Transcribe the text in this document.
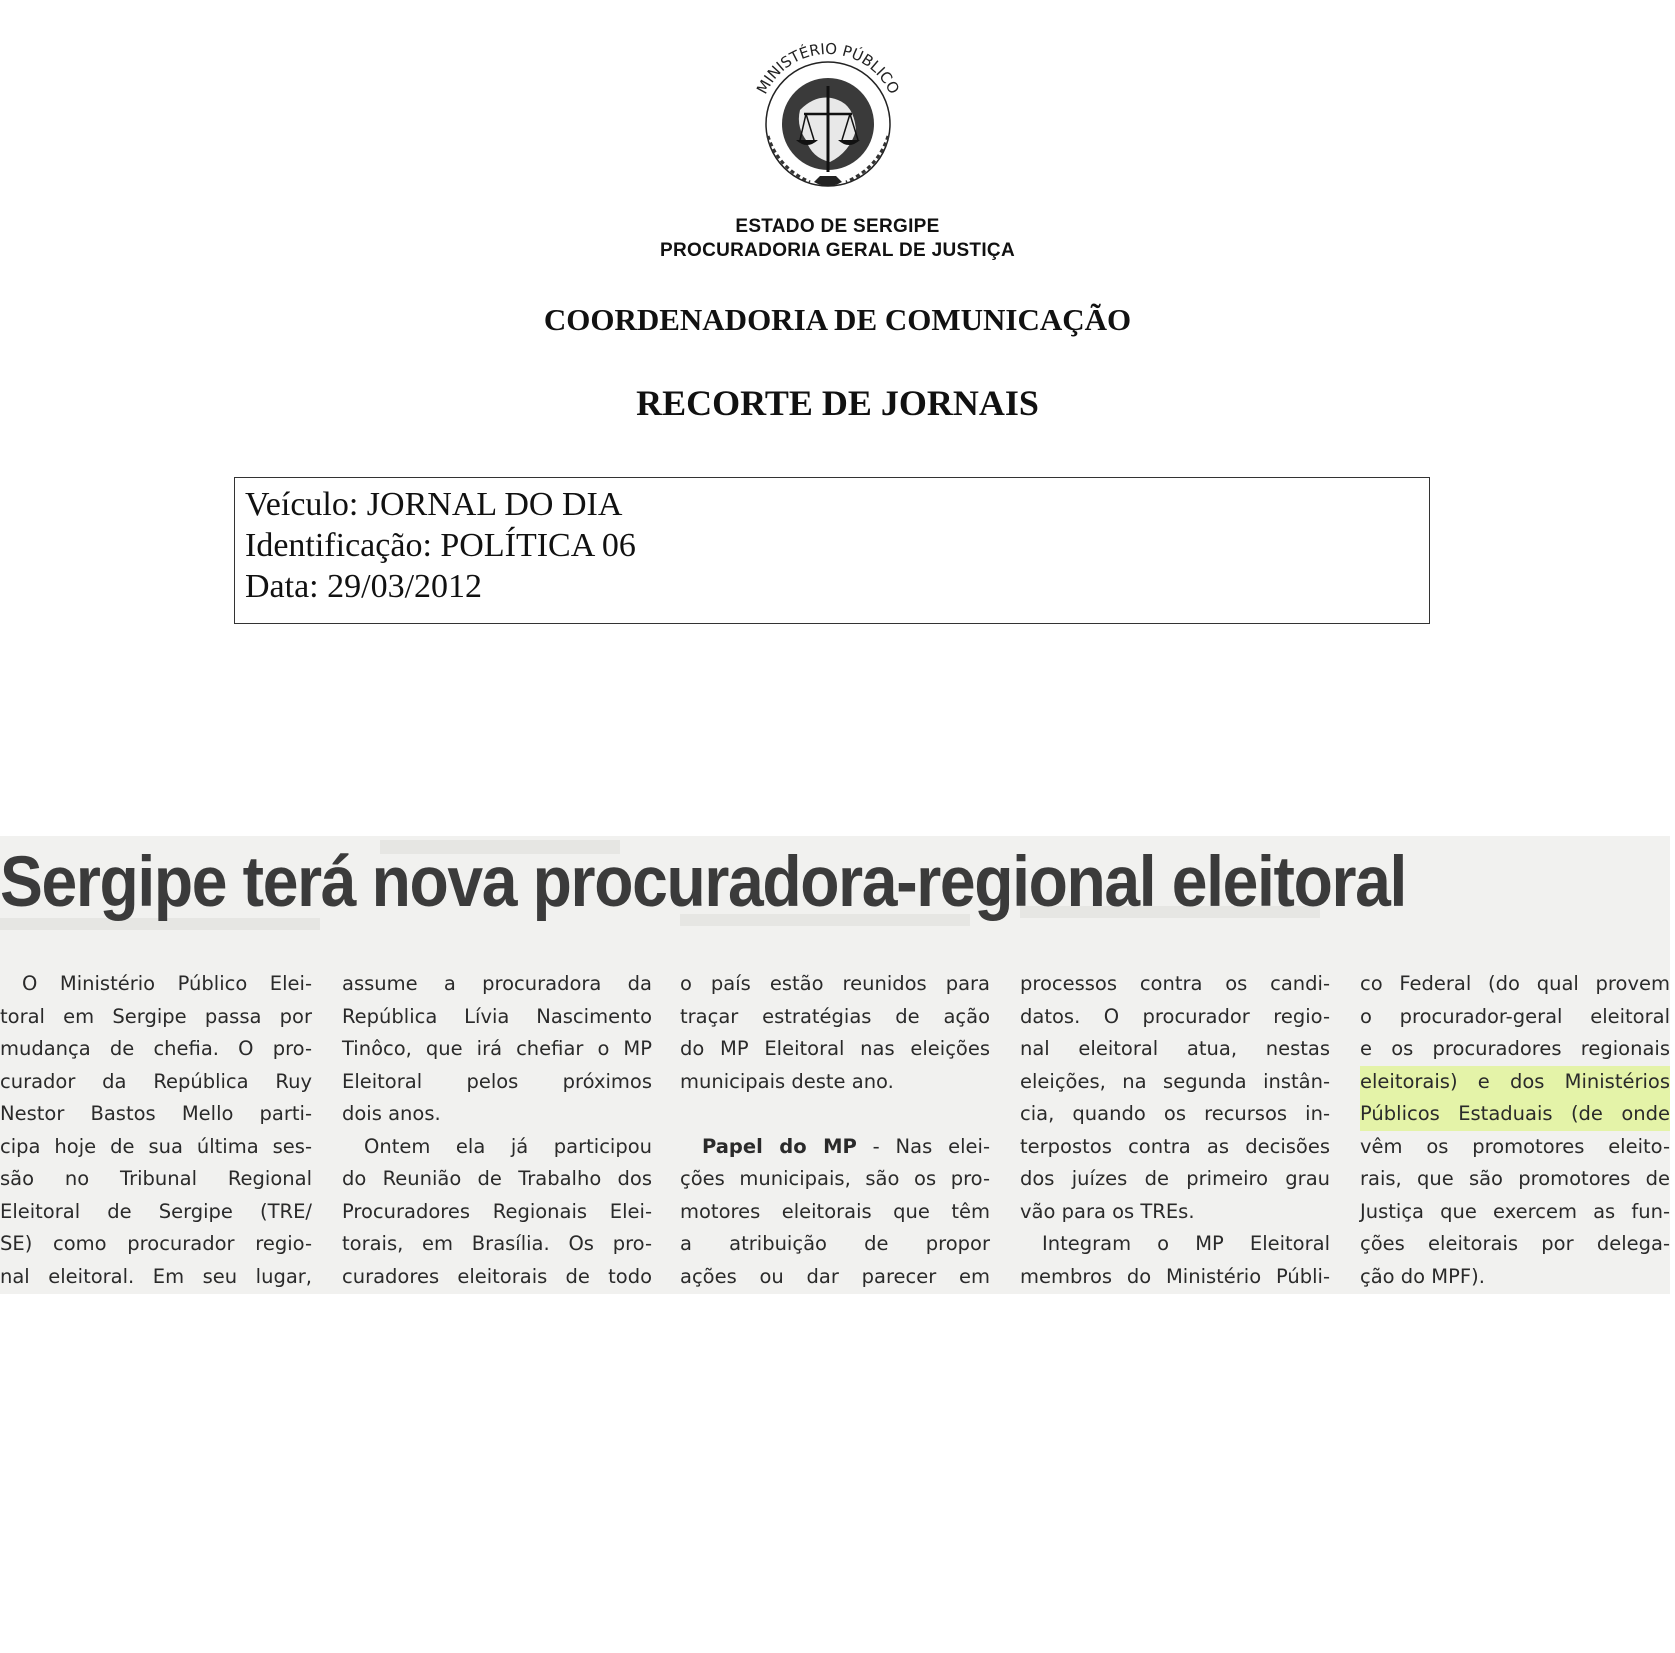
MINISTÉRIO PÚBLICO
ESTADO DE SERGIPE
PROCURADORIA GERAL DE JUSTIÇA
COORDENADORIA DE COMUNICAÇÃO
RECORTE DE JORNAIS
Veículo: JORNAL DO DIA
Identificação: POLÍTICA 06
Data: 29/03/2012
Sergipe terá nova procuradora-regional eleitoral

O Ministério Público Elei-

toral em Sergipe passa por

mudança de chefia. O pro-

curador da República Ruy

Nestor Bastos Mello parti-

cipa hoje de sua última ses-

são no Tribunal Regional

Eleitoral de Sergipe (TRE/

SE) como procurador regio-

nal eleitoral. Em seu lugar,

assume a procuradora da

República Lívia Nascimento

Tinôco, que irá chefiar o MP

Eleitoral pelos próximos

dois anos.

Ontem ela já participou

do Reunião de Trabalho dos

Procuradores Regionais Elei-

torais, em Brasília. Os pro-

curadores eleitorais de todo

o país estão reunidos para

traçar estratégias de ação

do MP Eleitoral nas eleições

municipais deste ano.

Papel do MP - Nas elei-

ções municipais, são os pro-

motores eleitorais que têm

a atribuição de propor

ações ou dar parecer em

processos contra os candi-

datos. O procurador regio-

nal eleitoral atua, nestas

eleições, na segunda instân-

cia, quando os recursos in-

terpostos contra as decisões

dos juízes de primeiro grau

vão para os TREs.

Integram o MP Eleitoral

membros do Ministério Públi-

co Federal (do qual provem

o procurador-geral eleitoral

e os procuradores regionais

eleitorais) e dos Ministérios

Públicos Estaduais (de onde

vêm os promotores eleito-

rais, que são promotores de

Justiça que exercem as fun-

ções eleitorais por delega-

ção do MPF).
